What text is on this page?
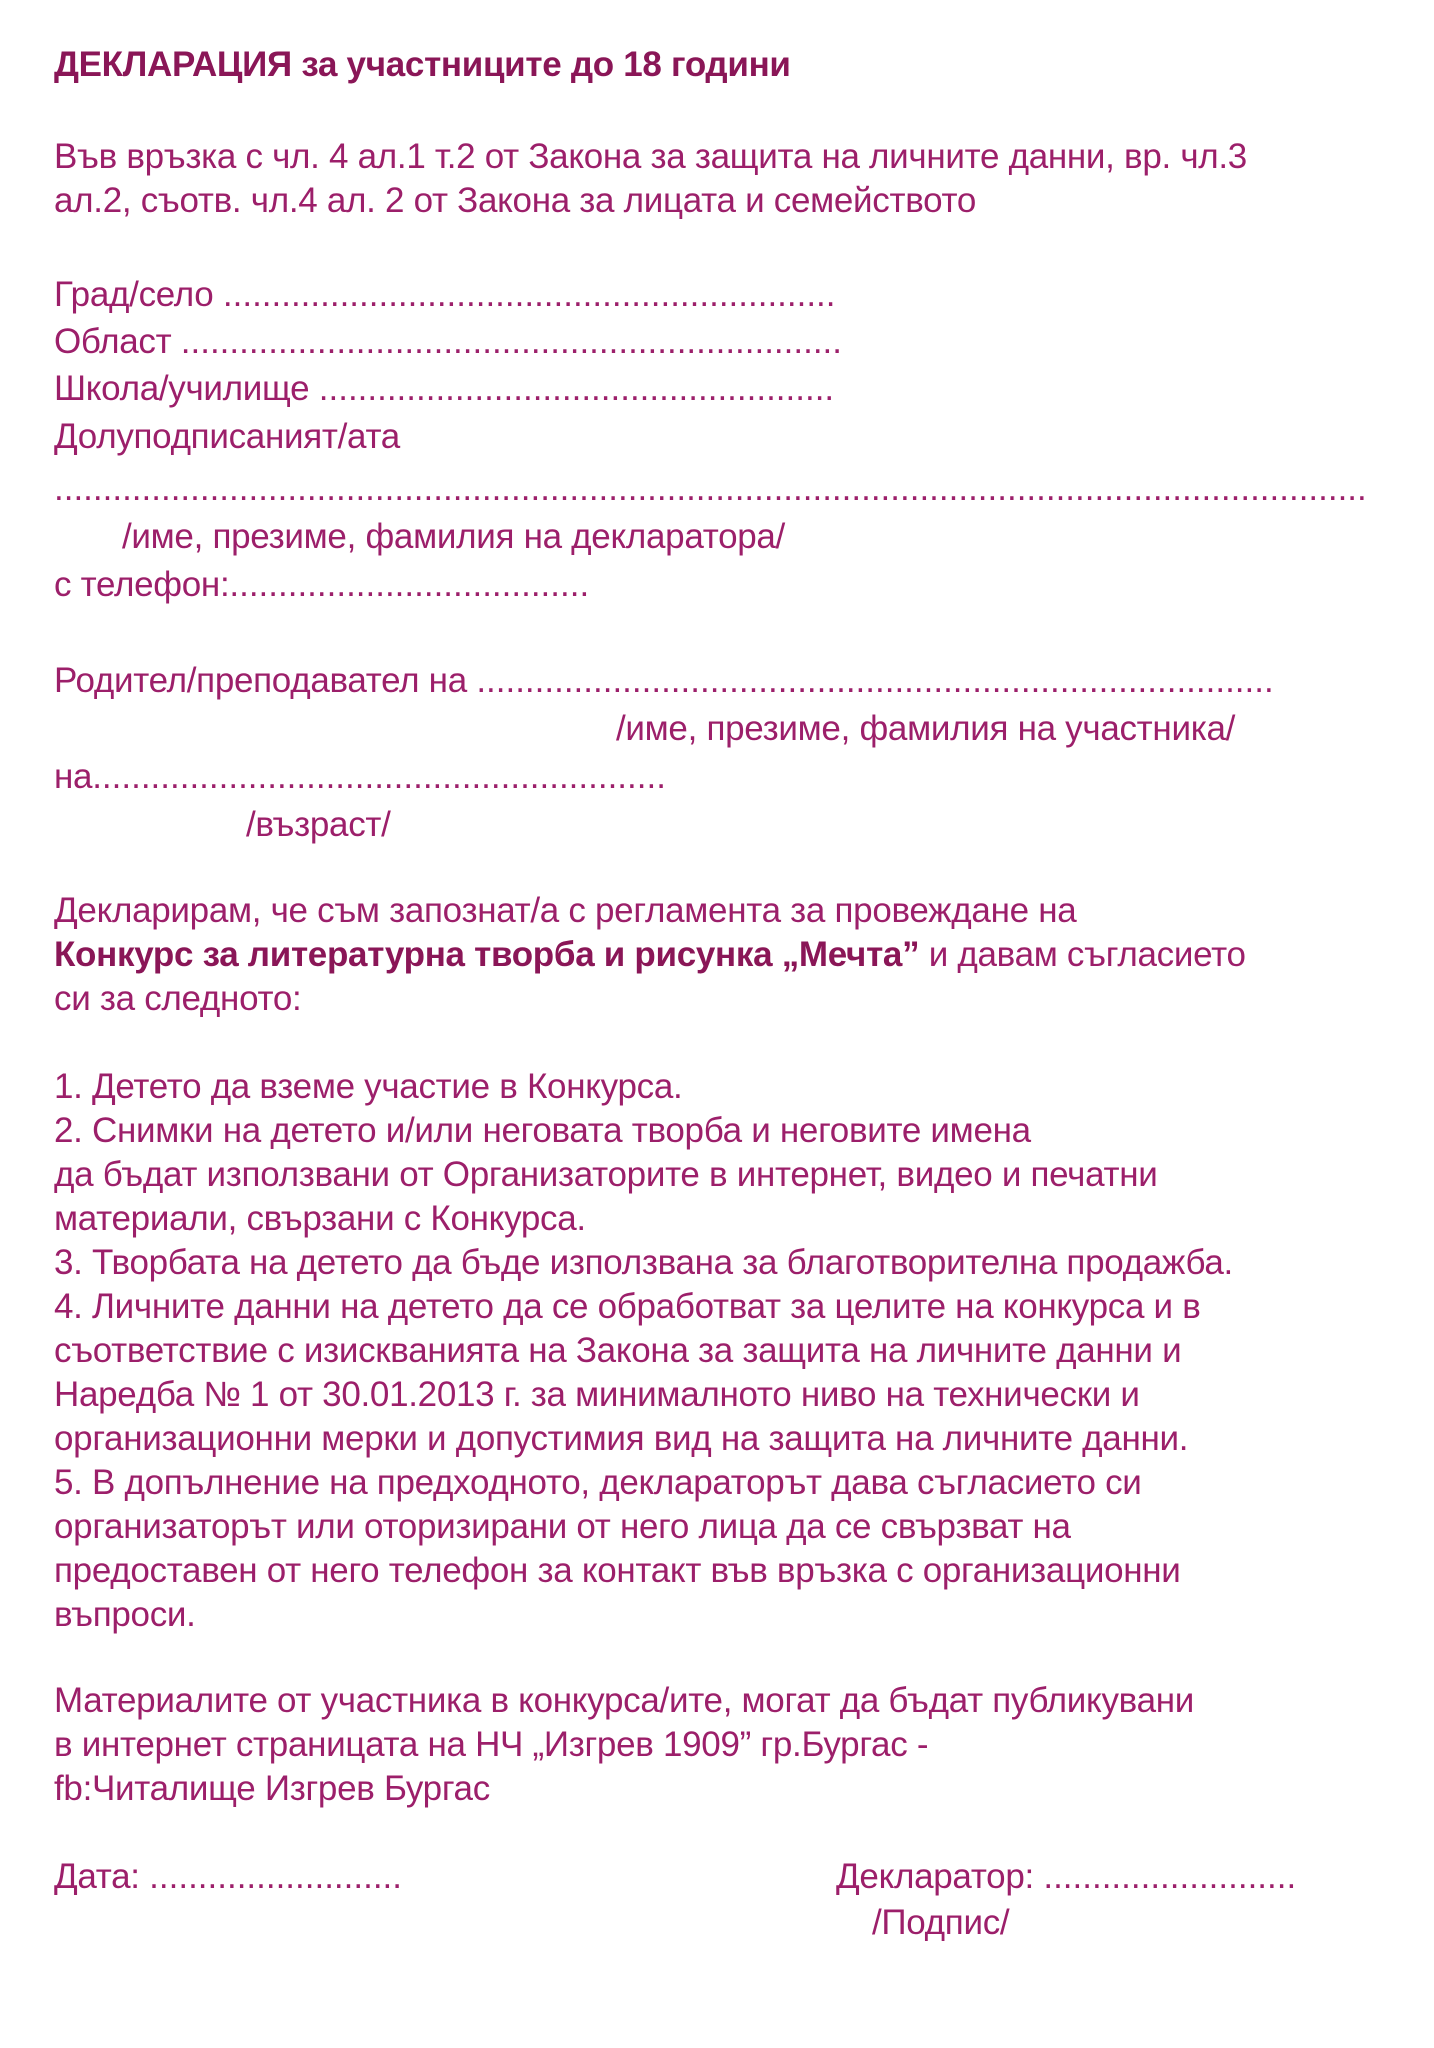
ДЕКЛАРАЦИЯ за участниците до 18 години
Във връзка с чл. 4 ал.1 т.2 от Закона за защита на личните данни, вр. чл.3
ал.2, съотв. чл.4 ал. 2 от Закона за лицата и семейството
Град/село ...............................................................
Област ....................................................................
Школа/училище .....................................................
Долуподписаният/ата
.......................................................................................................................................
/име, презиме, фамилия на декларатора/
с телефон:.....................................
Родител/преподавател на ..................................................................................
/име, презиме, фамилия на участника/
на...........................................................
/възраст/
Декларирам, че съм запознат/а с регламента за провеждане на
Конкурс за литературна творба и рисунка „Мечта” и давам съгласието
си за следното:
1. Детето да вземе участие в Конкурса.
2. Снимки на детето и/или неговата творба и неговите имена
да бъдат използвани от Организаторите в интернет, видео и печатни
материали, свързани с Конкурса.
3. Творбата на детето да бъде използвана за благотворителна продажба.
4. Личните данни на детето да се обработват за целите на конкурса и в
съответствие с изискванията на Закона за защита на личните данни и
Наредба № 1 от 30.01.2013 г. за минималното ниво на технически и
организационни мерки и допустимия вид на защита на личните данни.
5. В допълнение на предходното, деклараторът дава съгласието си
организаторът или оторизирани от него лица да се свързват на
предоставен от него телефон за контакт във връзка с организационни
въпроси.
Материалите от участника в конкурса/ите, могат да бъдат публикувани
в интернет страницата на НЧ „Изгрев 1909” гр.Бургас -
fb:Читалище Изгрев Бургас
Дата: ..........................	Декларатор: ..........................
/Подпис/
